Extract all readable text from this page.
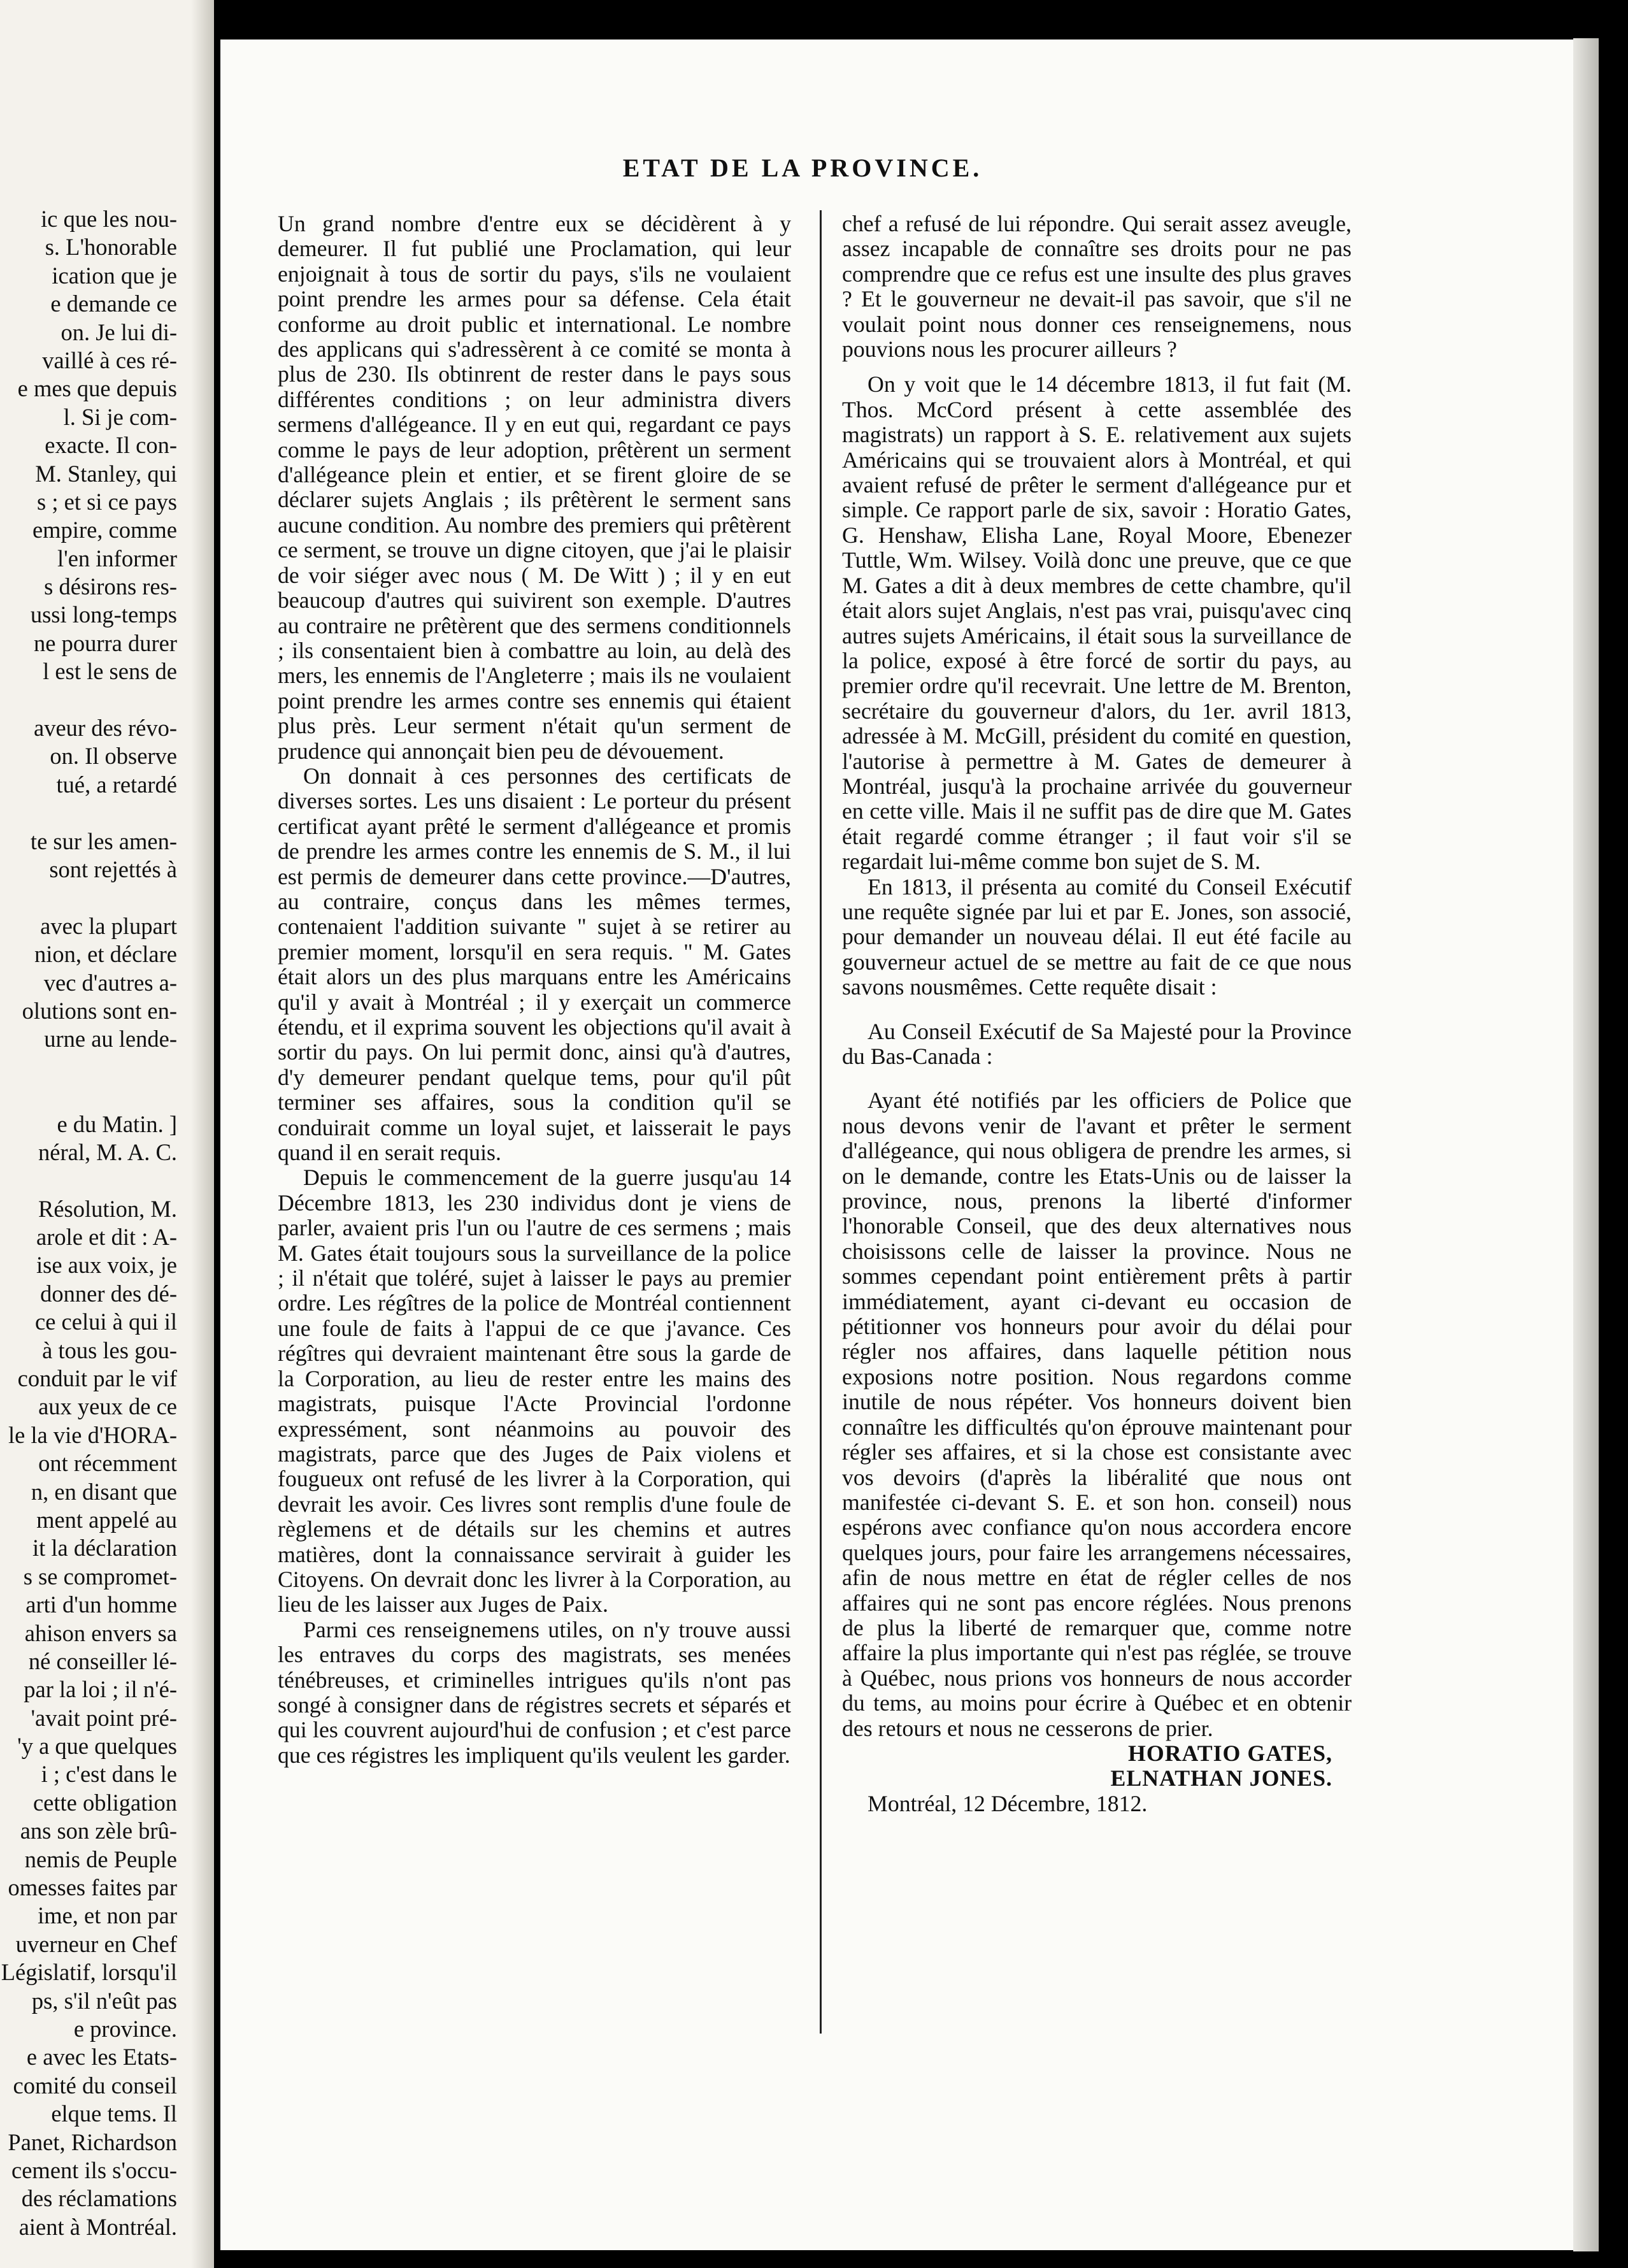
ic que les nou-
s. L'honorable
ication que je
e demande ce
on. Je lui di-
vaillé à ces ré-
e mes que depuis
l. Si je com-
exacte. Il con-
M. Stanley, qui
s ; et si ce pays
empire, comme
l'en informer
s désirons res-
ussi long-temps
ne pourra durer
l est le sens de
aveur des révo-
on. Il observe
tué, a retardé
te sur les amen-
sont rejettés à
avec la plupart
nion, et déclare
vec d'autres a-
olutions sont en-
urne au lende-
e du Matin. ]
néral, M. A. C.
Résolution, M.
arole et dit : A-
ise aux voix, je
donner des dé-
ce celui à qui il
à tous les gou-
conduit par le vif
aux yeux de ce
le la vie d'HORA-
ont récemment
n, en disant que
ment appelé au
it la déclaration
s se compromet-
arti d'un homme
ahison envers sa
né conseiller lé-
par la loi ; il n'é-
'avait point pré-
'y a que quelques
i ; c'est dans le
cette obligation
ans son zèle brû-
nemis de Peuple
omesses faites par
ime, et non par
uverneur en Chef
Législatif, lorsqu'il
ps, s'il n'eût pas
e province.
e avec les Etats-
comité du conseil
elque tems. Il
Panet, Richardson
cement ils s'occu-
des réclamations
aient à Montréal.
ETAT DE LA PROVINCE.

Un grand nombre d'entre eux se décidèrent à y demeurer. Il fut publié une Proclamation, qui leur enjoignait à tous de sortir du pays, s'ils ne voulaient point prendre les armes pour sa défense. Cela était conforme au droit public et international. Le nombre des applicans qui s'adressèrent à ce comité se monta à plus de 230. Ils obtinrent de rester dans le pays sous différentes conditions ; on leur administra divers sermens d'allégeance. Il y en eut qui, regardant ce pays comme le pays de leur adoption, prêtèrent un serment d'allégeance plein et entier, et se firent gloire de se déclarer sujets Anglais ; ils prêtèrent le serment sans aucune condition. Au nombre des premiers qui prêtèrent ce serment, se trouve un digne citoyen, que j'ai le plaisir de voir siéger avec nous ( M. De Witt ) ; il y en eut beaucoup d'autres qui suivirent son exemple. D'autres au contraire ne prêtèrent que des sermens conditionnels ; ils consentaient bien à combattre au loin, au delà des mers, les ennemis de l'Angleterre ; mais ils ne voulaient point prendre les armes contre ses ennemis qui étaient plus près. Leur serment n'était qu'un serment de prudence qui annonçait bien peu de dévouement.

On donnait à ces personnes des certificats de diverses sortes. Les uns disaient : Le porteur du présent certificat ayant prêté le serment d'allégeance et promis de prendre les armes contre les ennemis de S. M., il lui est permis de demeurer dans cette province.—D'autres, au contraire, conçus dans les mêmes termes, contenaient l'addition suivante " sujet à se retirer au premier moment, lorsqu'il en sera requis. " M. Gates était alors un des plus marquans entre les Américains qu'il y avait à Montréal ; il y exerçait un commerce étendu, et il exprima souvent les objections qu'il avait à sortir du pays. On lui permit donc, ainsi qu'à d'autres, d'y demeurer pendant quelque tems, pour qu'il pût terminer ses affaires, sous la condition qu'il se conduirait comme un loyal sujet, et laisserait le pays quand il en serait requis.

Depuis le commencement de la guerre jusqu'au 14 Décembre 1813, les 230 individus dont je viens de parler, avaient pris l'un ou l'autre de ces sermens ; mais M. Gates était toujours sous la surveillance de la police ; il n'était que toléré, sujet à laisser le pays au premier ordre. Les régîtres de la police de Montréal contiennent une foule de faits à l'appui de ce que j'avance. Ces régîtres qui devraient maintenant être sous la garde de la Corporation, au lieu de rester entre les mains des magistrats, puisque l'Acte Provincial l'ordonne expressément, sont néanmoins au pouvoir des magistrats, parce que des Juges de Paix violens et fougueux ont refusé de les livrer à la Corporation, qui devrait les avoir. Ces livres sont remplis d'une foule de règlemens et de détails sur les chemins et autres matières, dont la connaissance servirait à guider les Citoyens. On devrait donc les livrer à la Corporation, au lieu de les laisser aux Juges de Paix.

Parmi ces renseignemens utiles, on n'y trouve aussi les entraves du corps des magistrats, ses menées ténébreuses, et criminelles intrigues qu'ils n'ont pas songé à consigner dans de régistres secrets et séparés et qui les couvrent aujourd'hui de confusion ; et c'est parce que ces régistres les impliquent qu'ils veulent les garder.

chef a refusé de lui répondre. Qui serait assez aveugle, assez incapable de connaître ses droits pour ne pas comprendre que ce refus est une insulte des plus graves ? Et le gouverneur ne devait-il pas savoir, que s'il ne voulait point nous donner ces renseignemens, nous pouvions nous les procurer ailleurs ?

On y voit que le 14 décembre 1813, il fut fait (M. Thos. McCord présent à cette assemblée des magistrats) un rapport à S. E. relativement aux sujets Américains qui se trouvaient alors à Montréal, et qui avaient refusé de prêter le serment d'allégeance pur et simple. Ce rapport parle de six, savoir : Horatio Gates, G. Henshaw, Elisha Lane, Royal Moore, Ebenezer Tuttle, Wm. Wilsey. Voilà donc une preuve, que ce que M. Gates a dit à deux membres de cette chambre, qu'il était alors sujet Anglais, n'est pas vrai, puisqu'avec cinq autres sujets Américains, il était sous la surveillance de la police, exposé à être forcé de sortir du pays, au premier ordre qu'il recevrait. Une lettre de M. Brenton, secrétaire du gouverneur d'alors, du 1er. avril 1813, adressée à M. McGill, président du comité en question, l'autorise à permettre à M. Gates de demeurer à Montréal, jusqu'à la prochaine arrivée du gouverneur en cette ville. Mais il ne suffit pas de dire que M. Gates était regardé comme étranger ; il faut voir s'il se regardait lui-même comme bon sujet de S. M.

En 1813, il présenta au comité du Conseil Exécutif une requête signée par lui et par E. Jones, son associé, pour demander un nouveau délai. Il eut été facile au gouverneur actuel de se mettre au fait de ce que nous savons nousmêmes. Cette requête disait :

Au Conseil Exécutif de Sa Majesté pour la Province du Bas-Canada :

Ayant été notifiés par les officiers de Police que nous devons venir de l'avant et prêter le serment d'allégeance, qui nous obligera de prendre les armes, si on le demande, contre les Etats-Unis ou de laisser la province, nous, prenons la liberté d'informer l'honorable Conseil, que des deux alternatives nous choisissons celle de laisser la province. Nous ne sommes cependant point entièrement prêts à partir immédiatement, ayant ci-devant eu occasion de pétitionner vos honneurs pour avoir du délai pour régler nos affaires, dans laquelle pétition nous exposions notre position. Nous regardons comme inutile de nous répéter. Vos honneurs doivent bien connaître les difficultés qu'on éprouve maintenant pour régler ses affaires, et si la chose est consistante avec vos devoirs (d'après la libéralité que nous ont manifestée ci-devant S. E. et son hon. conseil) nous espérons avec confiance qu'on nous accordera encore quelques jours, pour faire les arrangemens nécessaires, afin de nous mettre en état de régler celles de nos affaires qui ne sont pas encore réglées. Nous prenons de plus la liberté de remarquer que, comme notre affaire la plus importante qui n'est pas réglée, se trouve à Québec, nous prions vos honneurs de nous accorder du tems, au moins pour écrire à Québec et en obtenir des retours et nous ne cesserons de prier.

HORATIO GATES,
ELNATHAN JONES.

Montréal, 12 Décembre, 1812.
